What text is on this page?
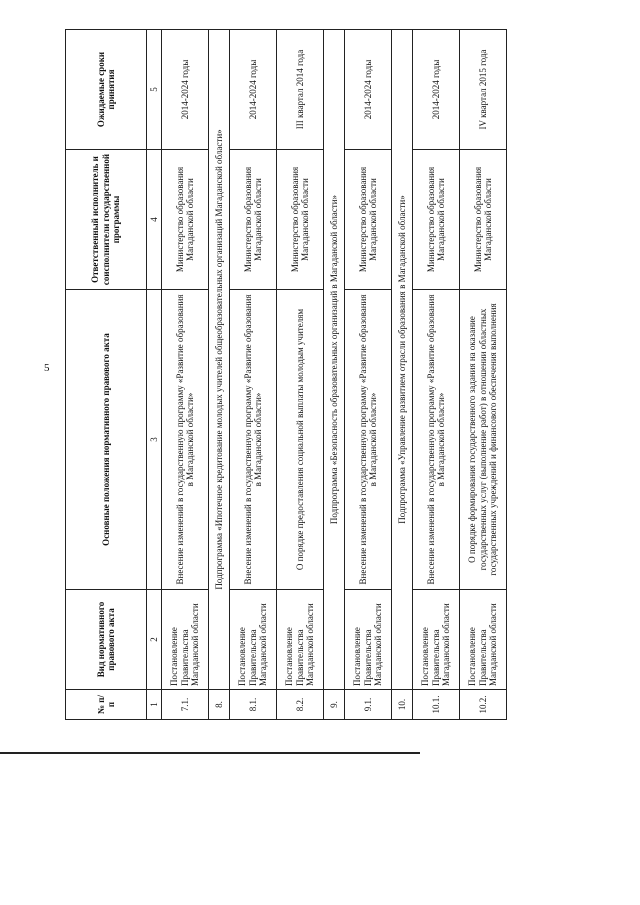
5
№ п/п	Вид нормативного правового акта	Основные положения нормативного правового акта	Ответственный исполнитель и соисполнители государственной программы	Ожидаемые сроки принятия
1	2	3	4	5
7.1.	Постановление Правительства Магаданской области	Внесение изменений в государственную программу «Развитие образования в Магаданской области»	Министерство образования Магаданской области	2014-2024 годы
8.	Подпрограмма «Ипотечное кредитование молодых учителей общеобразовательных организаций Магаданской области»			
8.1.	Постановление Правительства Магаданской области	Внесение изменений в государственную программу «Развитие образования в Магаданской области»	Министерство образования Магаданской области	2014-2024 годы
8.2.	Постановление Правительства Магаданской области	О порядке предоставления социальной выплаты молодым учителям	Министерство образования Магаданской области	III квартал 2014 года
9.	Подпрограмма «Безопасность образовательных организаций в Магаданской области»			
9.1.	Постановление Правительства Магаданской области	Внесение изменений в государственную программу «Развитие образования в Магаданской области»	Министерство образования Магаданской области	2014-2024 годы
10.	Подпрограмма «Управление развитием отрасли образования в Магаданской области»			
10.1.	Постановление Правительства Магаданской области	Внесение изменений в государственную программу «Развитие образования в Магаданской области»	Министерство образования Магаданской области	2014-2024 годы
10.2.	Постановление Правительства Магаданской области	О порядке формирования государственного задания на оказание государственных услуг (выполнение работ) в отношении областных государственных учреждений и финансового обеспечения выполнения	Министерство образования Магаданской области	IV квартал 2015 года
